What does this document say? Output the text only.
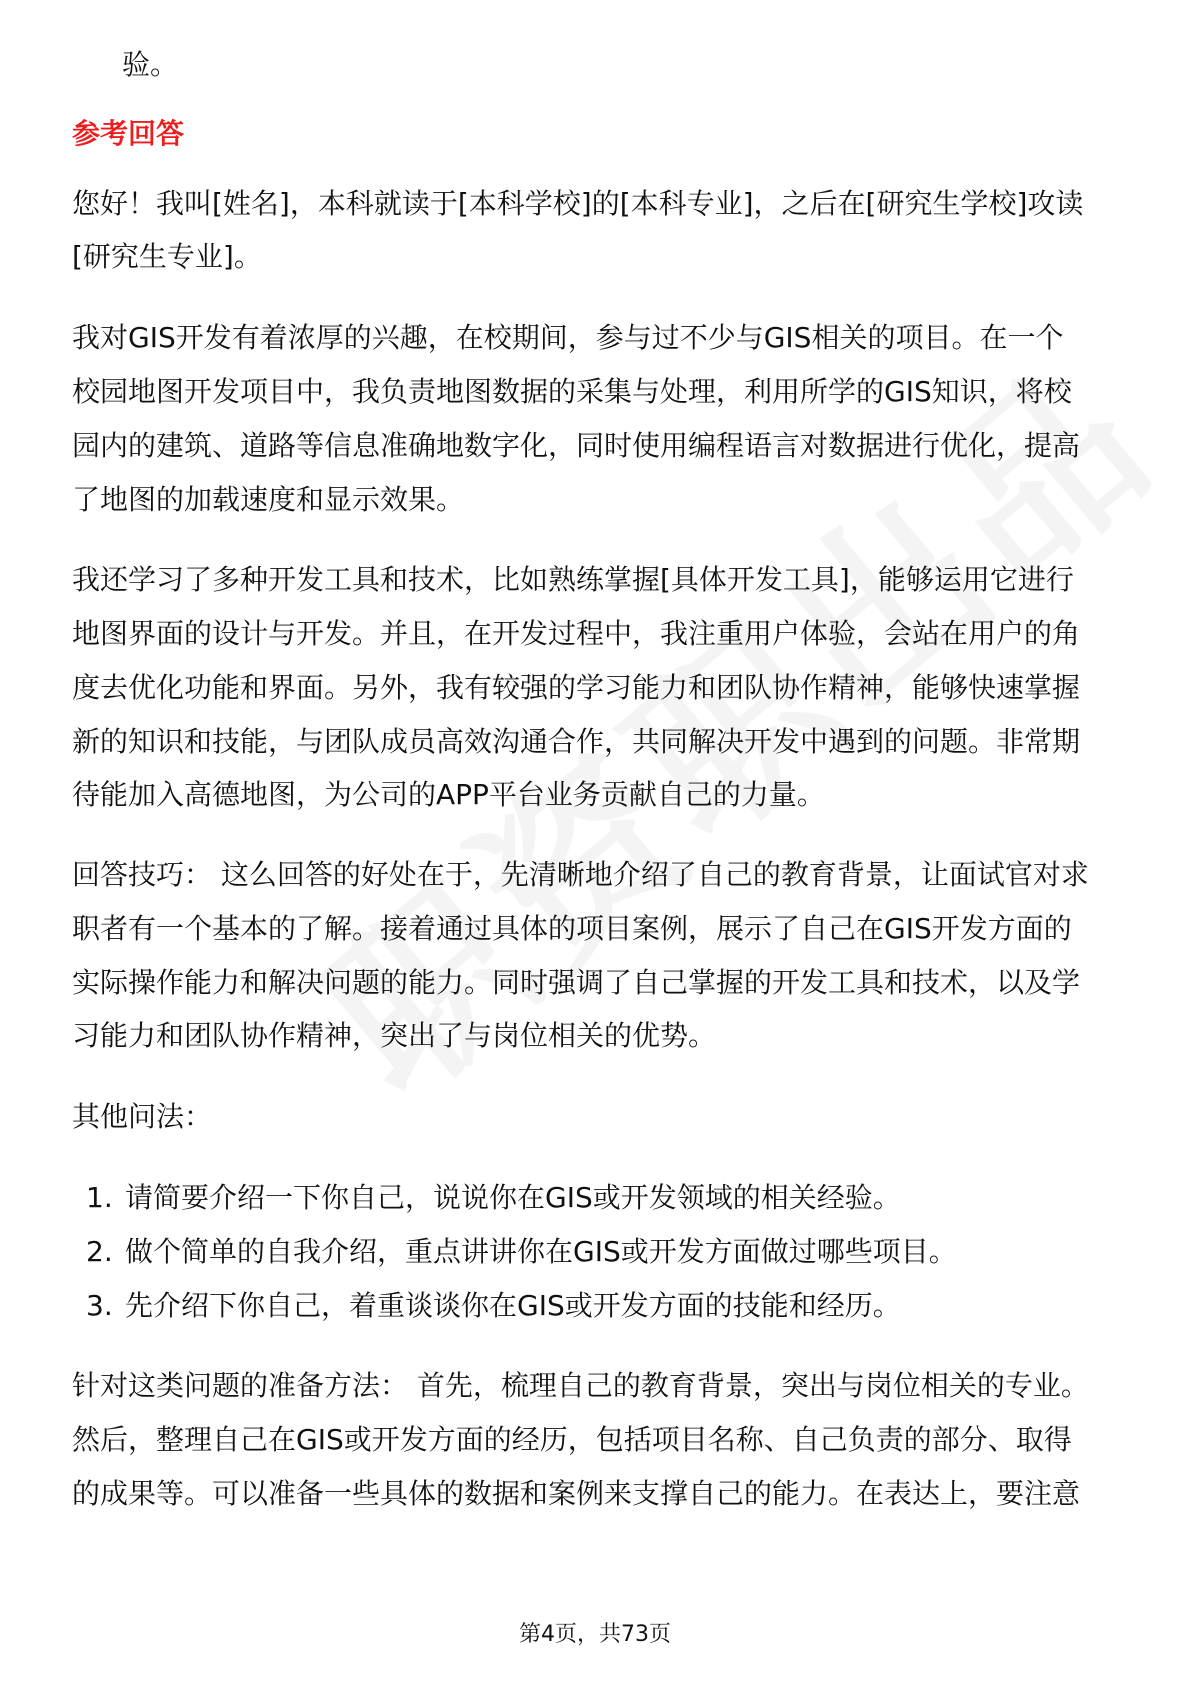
验。
参考回答
您好！我叫[姓名]，本科就读于[本科学校]的[本科专业]，之后在[研究生学校]攻读
[研究生专业]。
我对GIS开发有着浓厚的兴趣，在校期间，参与过不少与GIS相关的项目。在一个
校园地图开发项目中，我负责地图数据的采集与处理，利用所学的GIS知识，将校
园内的建筑、道路等信息准确地数字化，同时使用编程语言对数据进行优化，提高
了地图的加载速度和显示效果。
我还学习了多种开发工具和技术，比如熟练掌握[具体开发工具]，能够运用它进行
地图界面的设计与开发。并且，在开发过程中，我注重用户体验，会站在用户的角
度去优化功能和界面。另外，我有较强的学习能力和团队协作精神，能够快速掌握
新的知识和技能，与团队成员高效沟通合作，共同解决开发中遇到的问题。非常期
待能加入高德地图，为公司的APP平台业务贡献自己的力量。
回答技巧： 这么回答的好处在于，先清晰地介绍了自己的教育背景，让面试官对求
职者有一个基本的了解。接着通过具体的项目案例，展示了自己在GIS开发方面的
实际操作能力和解决问题的能力。同时强调了自己掌握的开发工具和技术，以及学
习能力和团队协作精神，突出了与岗位相关的优势。
其他问法：
1. 请简要介绍一下你自己，说说你在GIS或开发领域的相关经验。
2. 做个简单的自我介绍，重点讲讲你在GIS或开发方面做过哪些项目。
3. 先介绍下你自己，着重谈谈你在GIS或开发方面的技能和经历。
针对这类问题的准备方法： 首先，梳理自己的教育背景，突出与岗位相关的专业。
然后，整理自己在GIS或开发方面的经历，包括项目名称、自己负责的部分、取得
的成果等。可以准备一些具体的数据和案例来支撑自己的能力。在表达上，要注意
第4页，共73页
